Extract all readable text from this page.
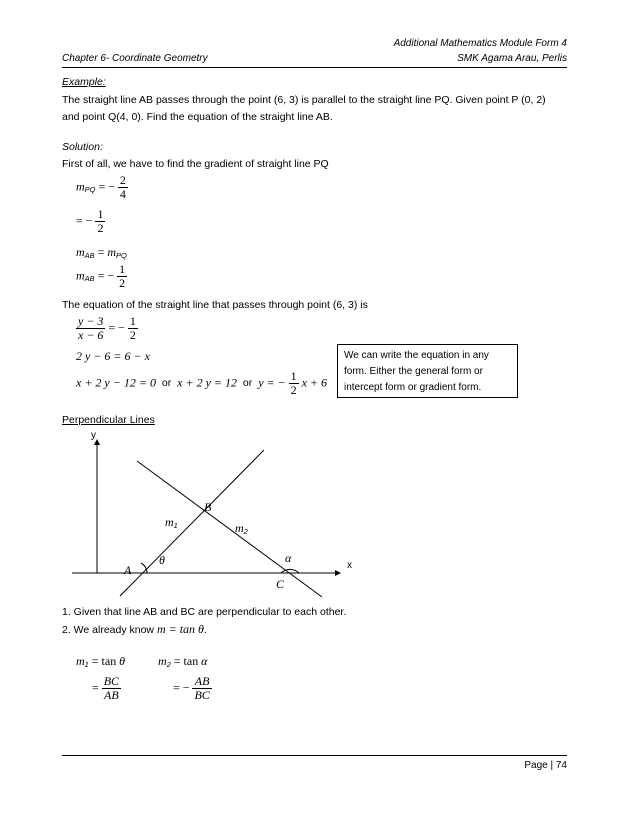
Additional Mathematics Module Form 4
Chapter 6- Coordinate Geometry	SMK Agama Arau, Perlis
Example:
The straight line AB passes through the point (6, 3) is parallel to the straight line PQ. Given point P (0, 2)
and point Q(4, 0). Find the equation of the straight line AB.
Solution:
First of all, we have to find the gradient of straight line PQ
mPQ = − $\frac{2}{4}$
= − $\frac{1}{2}$
mAB = mPQ
mAB = − $\frac{1}{2}$
The equation of the straight line that passes through point (6, 3) is
$\frac{y - 3}{x - 6}$ = − $\frac{1}{2}$
2 y − 6 = 6 − x
x + 2 y − 12 = 0 or x + 2 y = 12 or y = − $\frac{1}{2}$ x + 6
We can write the equation in any
form. Either the general form or
intercept form or gradient form.
Perpendicular Lines
y
x
A
B
C
m1	m2
θ	α
1. Given that line AB and BC are perpendicular to each other.
2. We already know m = tan θ.
m1 = tan θ	m2 = tan α
= $\frac{BC}{AB}$	= − $\frac{AB}{BC}$
Page | 74
